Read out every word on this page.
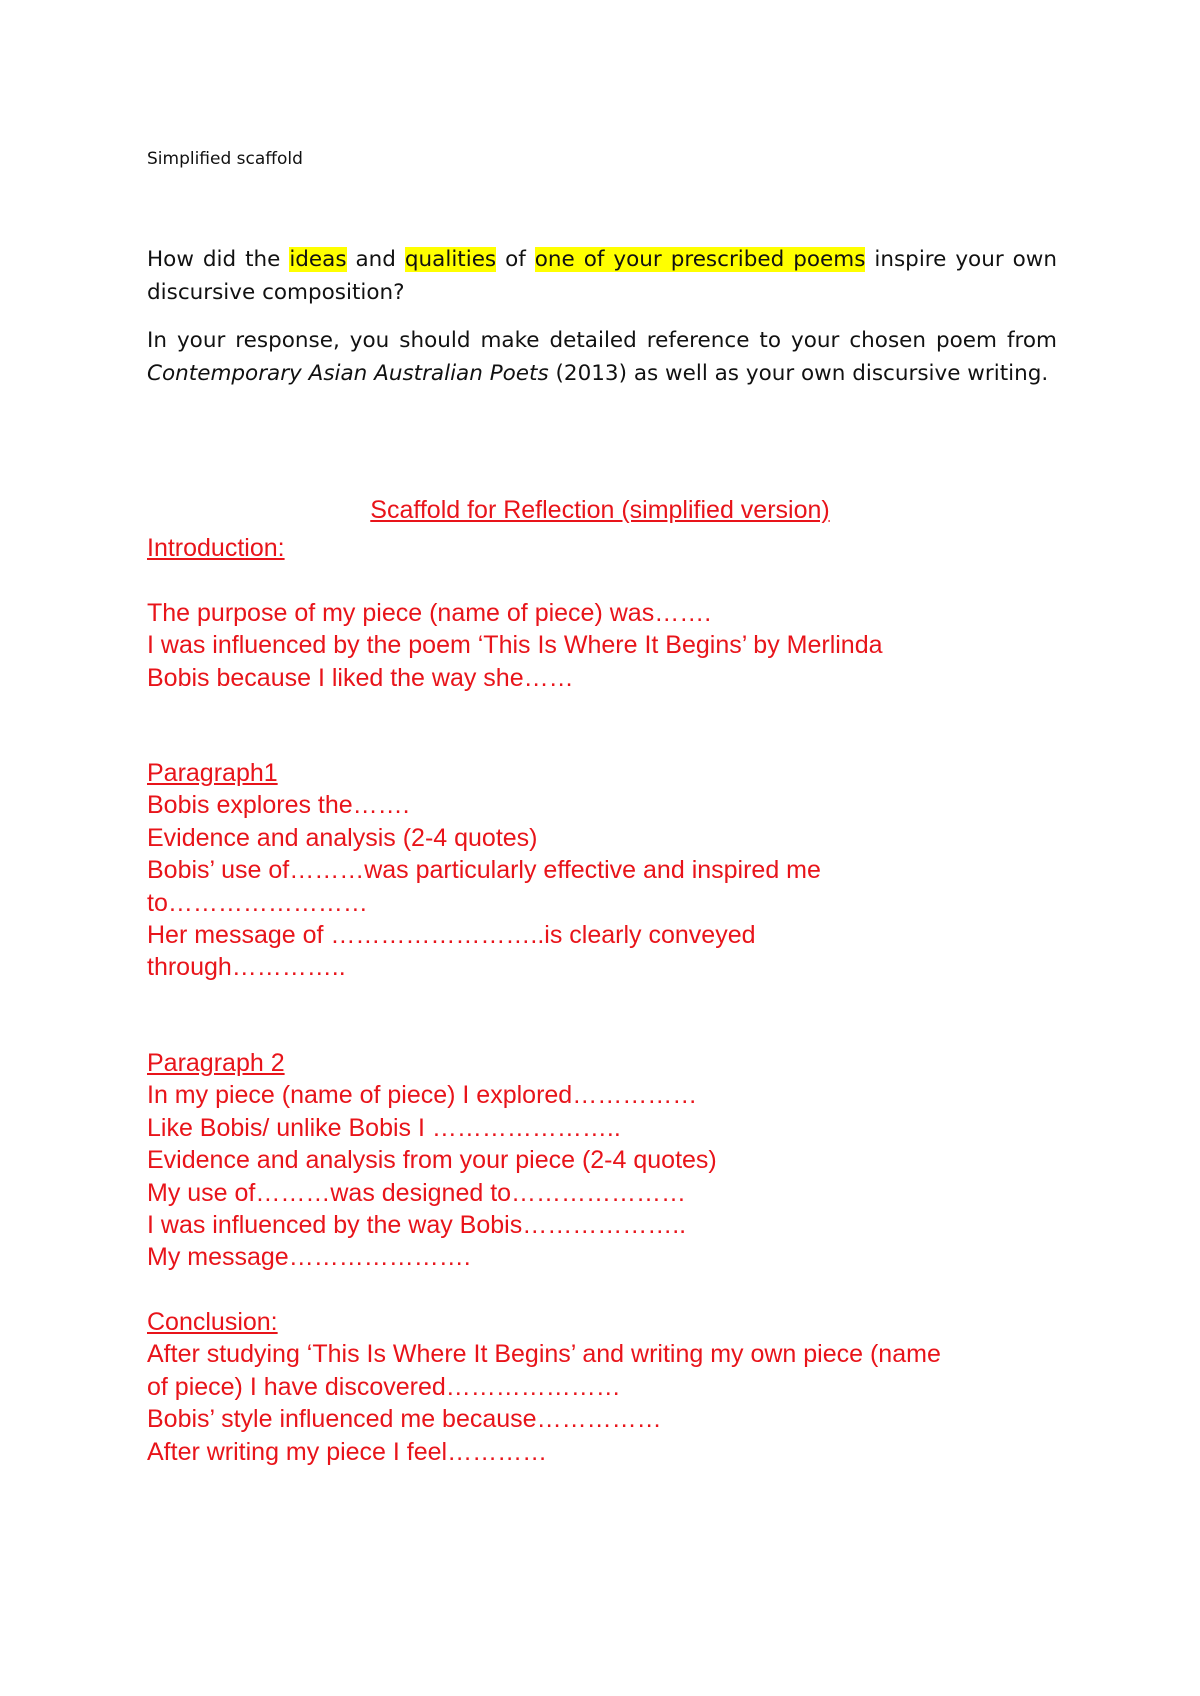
Simplified scaffold
How did the ideas and qualities of one of your prescribed poems inspire your own discursive composition?
In your response, you should make detailed reference to your chosen poem from Contemporary Asian Australian Poets (2013) as well as your own discursive writing.
Scaffold for Reflection (simplified version)
Introduction:

The purpose of my piece (name of piece) was…….
I was influenced by the poem ‘This Is Where It Begins’ by Merlinda
Bobis because I liked the way she……
Paragraph1
Bobis explores the…….
Evidence and analysis (2-4 quotes)
Bobis’ use of………was particularly effective and inspired me
to……………………
Her message of ……………………..is clearly conveyed
through…………..
Paragraph 2
In my piece (name of piece) I explored……………
Like Bobis/ unlike Bobis I …………………..
Evidence and analysis from your piece (2-4 quotes)
My use of………was designed to…………………
I was influenced by the way Bobis………………..
My message………………….
Conclusion:
After studying ‘This Is Where It Begins’ and writing my own piece (name
of piece) I have discovered…………………
Bobis’ style influenced me because……………
After writing my piece I feel…………
